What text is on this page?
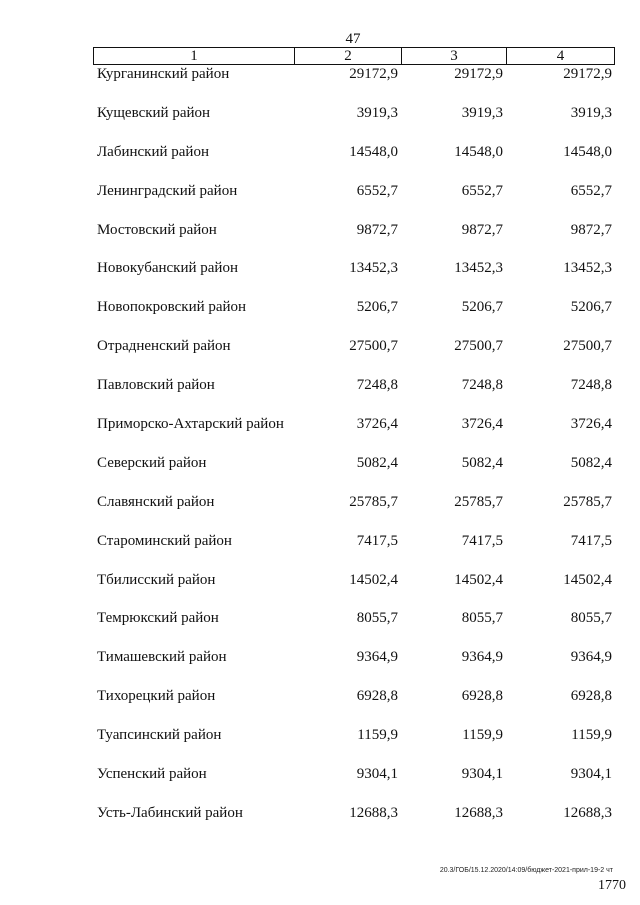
47
1	2	3	4
Курганинский район	29172,9	29172,9	29172,9
Кущевский район	3919,3	3919,3	3919,3
Лабинский район	14548,0	14548,0	14548,0
Ленинградский район	6552,7	6552,7	6552,7
Мостовский район	9872,7	9872,7	9872,7
Новокубанский район	13452,3	13452,3	13452,3
Новопокровский район	5206,7	5206,7	5206,7
Отрадненский район	27500,7	27500,7	27500,7
Павловский район	7248,8	7248,8	7248,8
Приморско-Ахтарский район	3726,4	3726,4	3726,4
Северский район	5082,4	5082,4	5082,4
Славянский район	25785,7	25785,7	25785,7
Староминский район	7417,5	7417,5	7417,5
Тбилисский район	14502,4	14502,4	14502,4
Темрюкский район	8055,7	8055,7	8055,7
Тимашевский район	9364,9	9364,9	9364,9
Тихорецкий район	6928,8	6928,8	6928,8
Туапсинский район	1159,9	1159,9	1159,9
Успенский район	9304,1	9304,1	9304,1
Усть-Лабинский район	12688,3	12688,3	12688,3
20.3/ГОБ/15.12.2020/14:09/бюджет-2021-прил-19-2 чт
1770
